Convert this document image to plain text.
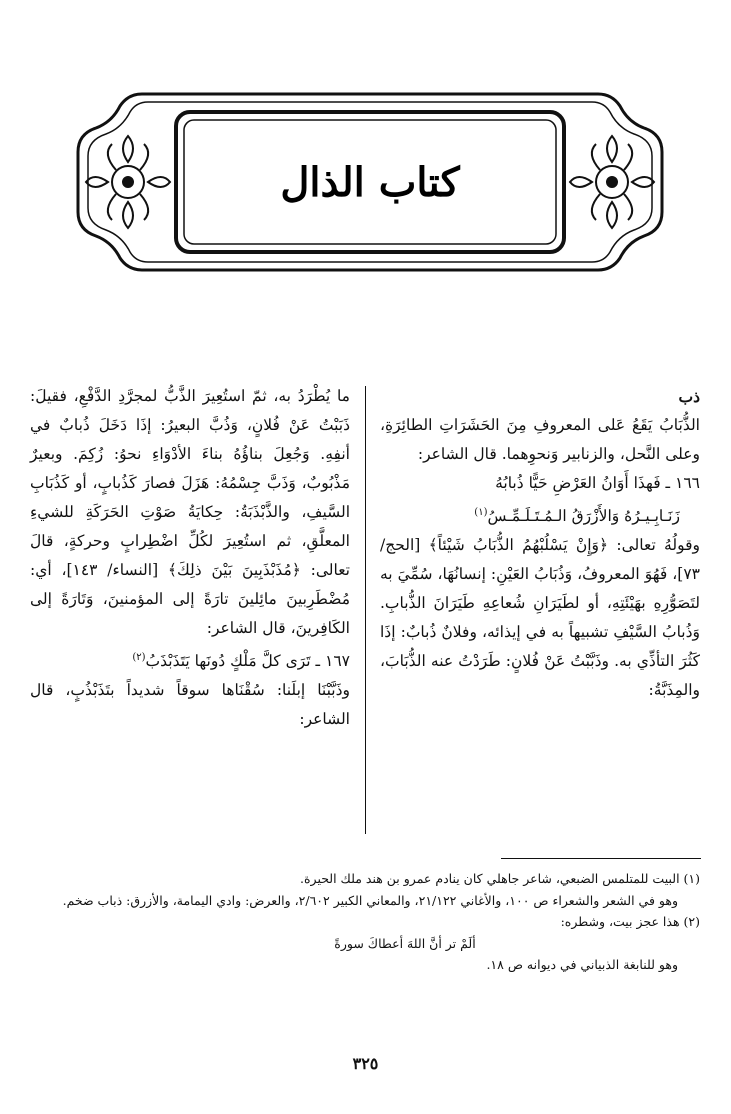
كتاب الذال
ذب

الذُّبَابُ يَقَعُ عَلى المعروفِ مِنَ الحَشَرَاتِ الطائِرَةِ، وعلى النَّحل، والزنابير وَنحوِهما. قال الشاعر:

١٦٦ ـ فَهذَا أَوَانُ العَرْضِ حَيًّا ذُبابُهُ
زَنَـابِـيـرُهُ وَالأَزْرَقُ الـمُـتَـلَـمِّـسُ$^{(١)}$

وقولُهُ تعالى: ﴿وَإِنْ يَسْلُبْهُمُ الذُّبَابُ شَيْئاً﴾ [الحج/ ٧٣]، فَهُوَ المعروفُ، وَذُبَابُ العَيْنِ: إنسانُهَا، سُمِّيَ به لتَصَوُّرِهِ بهَيْئَتِهِ، أو لطَيَرَانِ شُعاعِهِ طَيَرَانَ الذُّبابِ. وَذُبابُ السَّيْفِ تشبيهاً به في إيذائه، وفلانٌ ذُبابٌ: إذَا كَثُرَ التأذِّي به. وذَبَّبْتُ عَنْ فُلانٍ: طَرَدْتُ عنه الذُّبَابَ، والمِذَبَّةُ:

ما يُطْرَدُ به، ثمّ استُعِيرَ الذَّبُّ لمجرَّدِ الدَّفْعِ، فقيلَ: ذَبَبْتُ عَنْ فُلانٍ، وَذُبَّ البعيرُ: إذَا دَخَلَ ذُبابٌ في أنفِهِ. وَجُعِلَ بناؤُهُ بناءَ الأدْوَاءِ نحوُ: زُكِمَ. وبعيرٌ مَذْبُوبٌ، وَذَبَّ جِسْمُهُ: هَزَلَ فصارَ كَذُبابٍ، أو كَذُبَابِ السَّيفِ، والذَّبْذَبَةُ: حِكايَةُ صَوْتِ الحَرَكَةِ للشيءِ المعلَّقِ، ثم استُعِيرَ لكُلِّ اضْطِرابٍ وحركةٍ، قالَ تعالى: ﴿مُذَبْذَبِينَ بَيْنَ ذلِكَ﴾ [النساء/ ١٤٣]، أي: مُضْطَرِبينَ مائِلينَ تارَةً إلى المؤمنينَ، وَتَارَةً إلى الكَافِرينَ، قال الشاعر:

١٦٧ ـ تَرَى كلَّ مَلْكٍ دُونَها يَتَذَبْذَبُ$^{(٢)}$

وذَبَّبْنَا إبلَنا: سُقْنَاها سوقاً شديداً بتَذَبْذُبٍ، قال الشاعر:

(١) البيت للمتلمس الضبعي، شاعر جاهلي كان ينادم عمرو بن هند ملك الحيرة.

وهو في الشعر والشعراء ص ١٠٠، والأغاني ٢١/١٢٢، والمعاني الكبير ٢/٦٠٢، والعرض: وادي اليمامة، والأزرق: ذباب ضخم.

(٢) هذا عجز بيت، وشطره:

ألَمْ تر أنَّ اللهَ أعطاكَ سورةً

وهو للنابغة الذبياني في ديوانه ص ١٨.

٣٢٥
